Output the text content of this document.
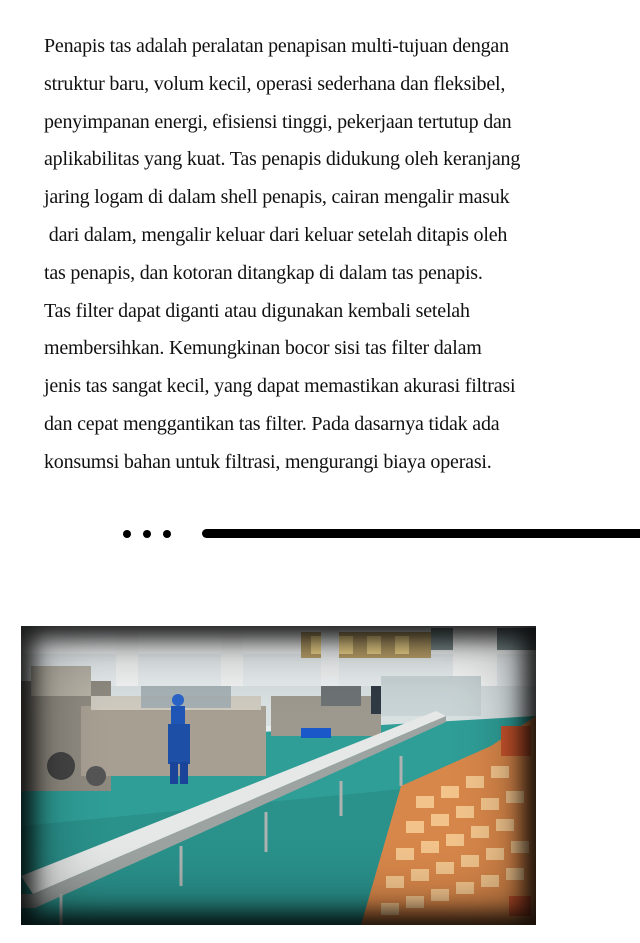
Penapis tas adalah peralatan penapisan multi-tujuan dengan
struktur baru, volum kecil, operasi sederhana dan fleksibel,
penyimpanan energi, efisiensi tinggi, pekerjaan tertutup dan
aplikabilitas yang kuat. Tas penapis didukung oleh keranjang
jaring logam di dalam shell penapis, cairan mengalir masuk
dari dalam, mengalir keluar dari keluar setelah ditapis oleh
tas penapis, dan kotoran ditangkap di dalam tas penapis.
Tas filter dapat diganti atau digunakan kembali setelah
membersihkan. Kemungkinan bocor sisi tas filter dalam
jenis tas sangat kecil, yang dapat memastikan akurasi filtrasi
dan cepat menggantikan tas filter. Pada dasarnya tidak ada
konsumsi bahan untuk filtrasi, mengurangi biaya operasi.
